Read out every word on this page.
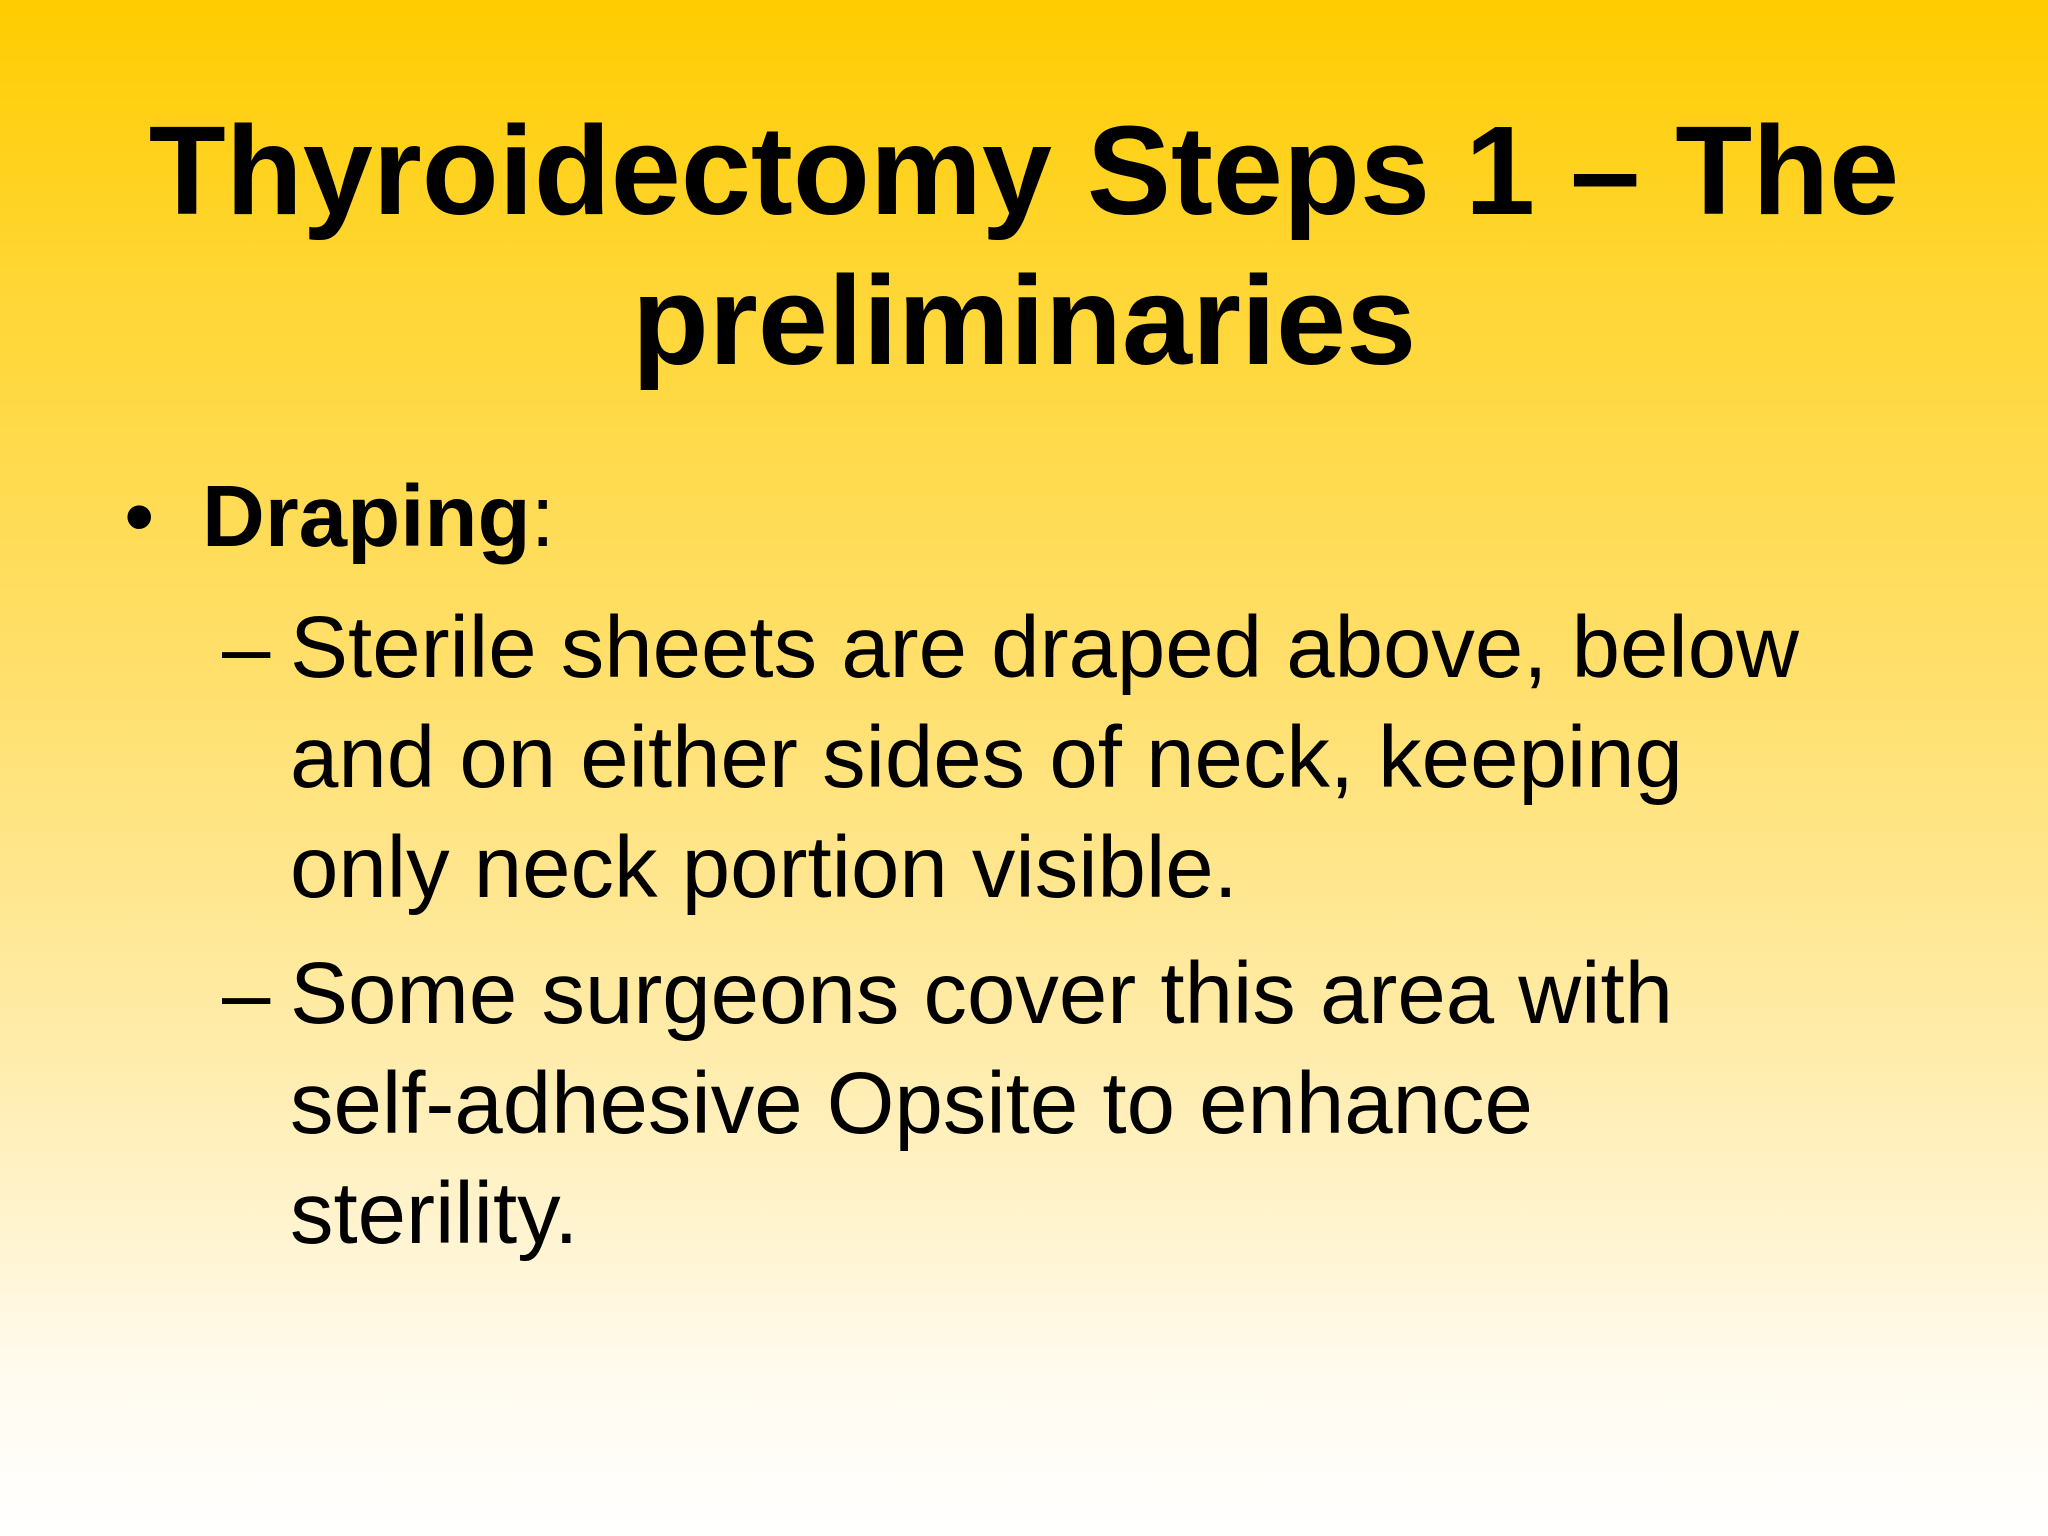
Thyroidectomy Steps 1 – The
preliminaries
• Draping :
– Sterile sheets are draped above, below
and on either sides of neck, keeping
only neck portion visible.
– Some surgeons cover this area with
self-adhesive Opsite to enhance
sterility.
